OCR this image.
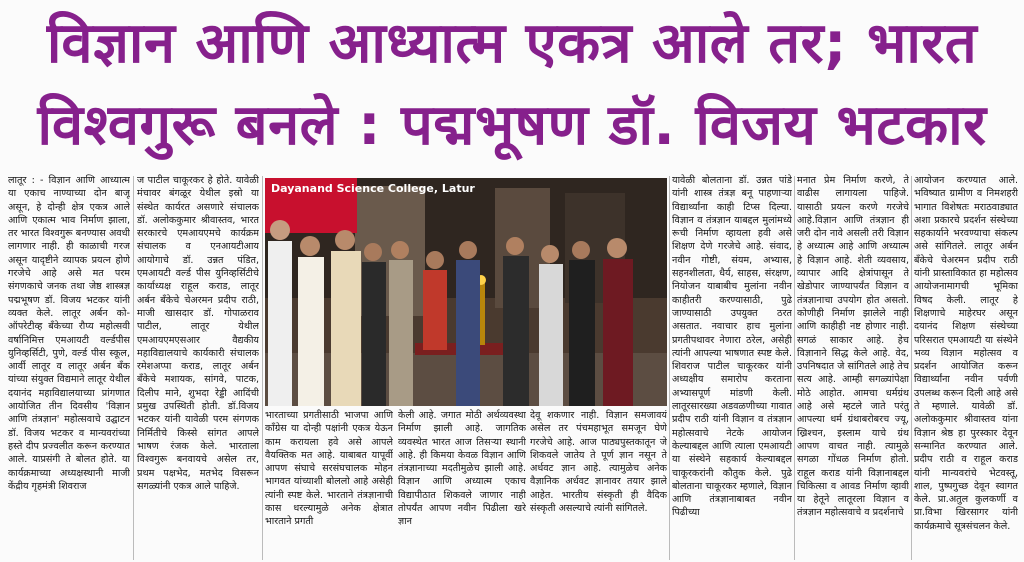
विज्ञान आणि आध्यात्म एकत्र आले तर; भारत
विश्वगुरू बनले : पद्मभूषण डॉ. विजय भटकार

लातूर : - विज्ञान आणि आध्यात्म या एकाच नाण्याच्या दोन बाजू असून, हे दोन्ही क्षेत्र एकत्र आले आणि एकात्म भाव निर्माण झाला, तर भारत विश्वगुरू बनण्यास अवधी लागणार नाही. ही काळाची गरज असून यादृष्टीने व्यापक प्रयत्न होणे गरजेचे आहे असे मत परम संगणकाचे जनक तथा जेष्ठ शास्त्रज्ञ पद्मभूषण डॉ. विजय भटकर यांनी व्यक्त केले. लातूर अर्बन को-ऑपरेटीव्ह बँकेच्या रौप्य महोत्सवी वर्षानिमित्त एमआयटी वर्ल्डपीस युनिव्हर्सिटी, पुणे, वर्ल्ड पीस स्कूल, आर्वी लातूर व लातूर अर्बन बँक यांच्या संयुक्त विद्यमाने लातूर येथील दयानंद महाविद्यालयाच्या प्रांगणात आयोजित तीन दिवसीय 'विज्ञान आणि तंत्रज्ञान' महोत्सवाचे उद्घाटन डॉ. विजय भटकर व मान्यवरांच्या हस्ते दीप प्रज्वलीत करून करण्यात आले. याप्रसंगी ते बोलत होते. या कार्यक्रमाच्या अध्यक्षस्थानी माजी केंद्रीय गृहमंत्री शिवराज

ज पाटील चाकूरकर हे होते. यावेळी मंचावर बंगळूर येथील इस्रो या संस्थेत कार्यरत असणारे संचालक डॉ. अलोककुमार श्रीवास्तव, भारत सरकारचे एमआयएमचे कार्यक्रम संचालक व एनआयटीआय आयोगाचे डॉ. उन्नत पंडित, एमआयटी वर्ल्ड पीस युनिव्हर्सिटीचे कार्याध्यक्ष राहूल कराड, लातूर अर्बन बँकेचे चेअरमन प्रदीप राठी, माजी खासदार डॉ. गोपाळराव पाटील, लातूर येथील एमआयएमएसआर वैद्यकीय महाविद्यालयाचे कार्यकारी संचालक रमेशअप्पा कराड, लातूर अर्बन बँकेचे मशायक, सांगवे, पाटक, दिलीप माने, शुभदा रेड्डी आदिंची प्रमुख उपस्थिती होती. डॉ.विजय भटकर यांनी यावेळी परम संगणक निर्मितीचे किस्से सांगत आपले भाषण रंजक केले. भारताला विश्वगुरू बनवायचे असेल तर, प्रथम पक्षभेद, मतभेद विसरून सगळ्यांनी एकत्र आले पाहिजे.

Dayanand Science College, Latur

भारताच्या प्रगतीसाठी भाजपा आणि काँग्रेस या दोन्ही पक्षांनी एकत्र येऊन काम करायला हवे असे आपले वैयक्तिक मत आहे. याबाबत यापूर्वी आपण संघाचे सरसंघचालक मोहन भागवत यांच्याशी बोललो आहे असेही त्यांनी स्पष्ट केले. भारताने तंत्रज्ञानाची कास धरल्यामुळे अनेक क्षेत्रात भारताने प्रगती

केली आहे. जगात मोठी अर्थव्यवस्था निर्माण झाली आहे. जागतिक व्यवस्थेत भारत आज तिसऱ्या स्थानी आहे. ही किमया केवळ विज्ञान आणि तंत्रज्ञानाच्या मदतीमुळेच झाली आहे. विज्ञान आणि अध्यात्म एकाच विद्यापीठात शिकवले जाणार नाही तोपर्यंत आपण नवीन पिढीला खरे ज्ञान

देवू शकणार नाही. विज्ञान समजावयं असेल तर पंचमहाभूत समजून घेणे गरजेचे आहे. आज पाठ्यपुस्तकातून जे शिकवले जातेय ते पूर्ण ज्ञान नसून ते अर्धवट ज्ञान आहे. त्यामुळेच अनेक वैज्ञानिक अर्धवट ज्ञानावर तयार झाले आहेत. भारतीय संस्कृती ही वैदिक संस्कृती असल्याचे त्यांनी सांगितले.

यावेळी बोलताना डॉ. उन्नत पांडे यांनी शास्त्र तंत्रज्ञ बनू पाहणाऱ्या विद्यार्थ्यांना काही टिप्स दिल्या. विज्ञान व तंत्रज्ञान याबद्दल मुलांमध्ये रूची निर्माण व्हायला हवी असे शिक्षण देणे गरजेचे आहे. संवाद, नवीन गोष्टी, संयम, अभ्यास, सहनशीलता, धैर्य, साहस, संरक्षण, नियोजन याबाबीच मुलांना नवीन काहीतरी करण्यासाठी, पुढे जाण्यासाठी उपयुक्त ठरत असतात. नवाचार हाच मुलांना प्रगतीपथावर नेणारा ठरेल, असेही त्यांनी आपल्या भाषणात स्पष्ट केले. शिवराज पाटील चाकूरकर यांनी अध्यक्षीय समारोप करताना अभ्यासपूर्ण मांडणी केली. लातूरसारख्या अडवळणीच्या गावात प्रदीप राठी यांनी विज्ञान व तंत्रज्ञान महोत्सवाचे नेटके आयोजन केल्याबद्दल आणि त्याला एमआयटी या संस्थेने सहकार्य केल्याबद्दल चाकूरकरांनी कौतुक केले. पुढे बोलताना चाकूरकर म्हणाले, विज्ञान आणि तंत्रज्ञानाबाबत नवीन पिढीच्या

मनात प्रेम निर्माण करणे, ते वाढीस लागायला पाहिजे. यासाठी प्रयत्न करणे गरजेचे आहे.विज्ञान आणि तंत्रज्ञान ही जरी दोन नावे असली तरी विज्ञान हे अध्यात्म आहे आणि अध्यात्म हे विज्ञान आहे. शेती व्यवसाय, व्यापार आदि क्षेत्रांपासून ते खेडोपार जाण्यापर्यंत विज्ञान व तंत्रज्ञानाचा उपयोग होत असतो. कोणीही निर्माण झालेले नाही आणि काहीही नष्ट होणार नाही. सगळं साकार आहे. हेच विज्ञानाने सिद्ध केले आहे. वेद, उपनिषदात जे सांगितले आहे तेच सत्य आहे. आम्ही सगळ्यांपेक्षा मोठे आहोत. आमचा धर्मग्रंथ आहे असे म्हटले जाते परंतु आपल्या धर्म ग्रंथाबरोबरच ज्यू, ख्रिश्चन, इस्लाम याचे ग्रंथ आपण वाचत नाही. त्यामुळे सगळा गोंधळ निर्माण होतो. राहूल कराड यांनी विज्ञानाबद्दल चिकित्सा व आवड निर्माण व्हावी या हेतूने लातूरला विज्ञान व तंत्रज्ञान महोत्सवाचे व प्रदर्शनाचे

आयोजन करण्यात आले. भविष्यात ग्रामीण व निमशहरी भागात विशेषतः मराठवाड्यात अशा प्रकारचे प्रदर्शन संस्थेच्या सहकार्याने भरवण्याचा संकल्प असे सांगितले. लातूर अर्बन बँकेचे चेअरमन प्रदीप राठी यांनी प्रास्ताविकात हा महोत्सव आयोजनामागची भूमिका विषद केली. लातूर हे शिक्षणाचे माहेरघर असून दयानंद शिक्षण संस्थेच्या परिसरात एमआयटी या संस्थेने भव्य विज्ञान महोत्सव व प्रदर्शन आयोजित करून विद्यार्थ्यांना नवीन पर्वणी उपलब्ध करून दिली आहे असे ते म्हणाले. यावेळी डॉ. अलोककुमार श्रीवास्तव यांना विज्ञान श्रेष्ठ हा पुरस्कार देवून सन्मानित करण्यात आले. प्रदीप राठी व राहूल कराड यांनी मान्यवरांचे भेटवस्तू, शाल, पुष्पगुच्छ देवून स्वागत केले. प्रा.अतुल कुलकर्णी व प्रा.विभा खिरसागर यांनी कार्यक्रमाचे सूत्रसंचलन केले.
